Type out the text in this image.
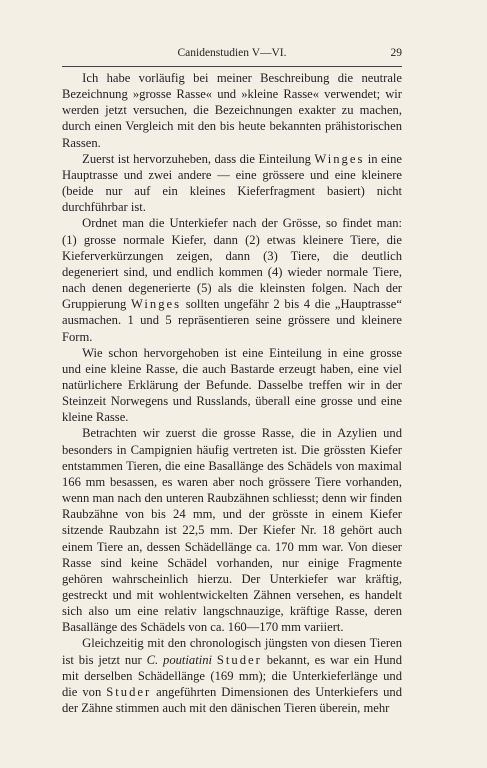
Canidenstudien V—VI.	29

Ich habe vorläufig bei meiner Beschreibung die neutrale Bezeichnung »grosse Rasse« und »kleine Rasse« verwendet; wir werden jetzt versuchen, die Bezeichnungen exakter zu machen, durch einen Vergleich mit den bis heute bekannten prähistorischen Rassen.

Zuerst ist hervorzuheben, dass die Einteilung Winges in eine Hauptrasse und zwei andere — eine grössere und eine kleinere (beide nur auf ein kleines Kieferfragment basiert) nicht durchführbar ist.

Ordnet man die Unterkiefer nach der Grösse, so findet man: (1) grosse normale Kiefer, dann (2) etwas kleinere Tiere, die Kieferverkürzungen zeigen, dann (3) Tiere, die deutlich degeneriert sind, und endlich kommen (4) wieder normale Tiere, nach denen degenerierte (5) als die kleinsten folgen. Nach der Gruppierung Winges sollten ungefähr 2 bis 4 die „Hauptrasse“ ausmachen. 1 und 5 repräsentieren seine grössere und kleinere Form.

Wie schon hervorgehoben ist eine Einteilung in eine grosse und eine kleine Rasse, die auch Bastarde erzeugt haben, eine viel natürlichere Erklärung der Befunde. Dasselbe treffen wir in der Steinzeit Norwegens und Russlands, überall eine grosse und eine kleine Rasse.

Betrachten wir zuerst die grosse Rasse, die in Azylien und besonders in Campignien häufig vertreten ist. Die grössten Kiefer entstammen Tieren, die eine Basallänge des Schädels von maximal 166 mm besassen, es waren aber noch grössere Tiere vorhanden, wenn man nach den unteren Raubzähnen schliesst; denn wir finden Raubzähne von bis 24 mm, und der grösste in einem Kiefer sitzende Raubzahn ist 22,5 mm. Der Kiefer Nr. 18 gehört auch einem Tiere an, dessen Schädellänge ca. 170 mm war. Von dieser Rasse sind keine Schädel vorhanden, nur einige Fragmente gehören wahrscheinlich hierzu. Der Unterkiefer war kräftig, gestreckt und mit wohlentwickelten Zähnen versehen, es handelt sich also um eine relativ langschnauzige, kräftige Rasse, deren Basallänge des Schädels von ca. 160—170 mm variiert.

Gleichzeitig mit den chronologisch jüngsten von diesen Tieren ist bis jetzt nur C. poutiatini Studer bekannt, es war ein Hund mit derselben Schädellänge (169 mm); die Unterkieferlänge und die von Studer angeführten Dimensionen des Unterkiefers und der Zähne stimmen auch mit den dänischen Tieren überein, mehr
